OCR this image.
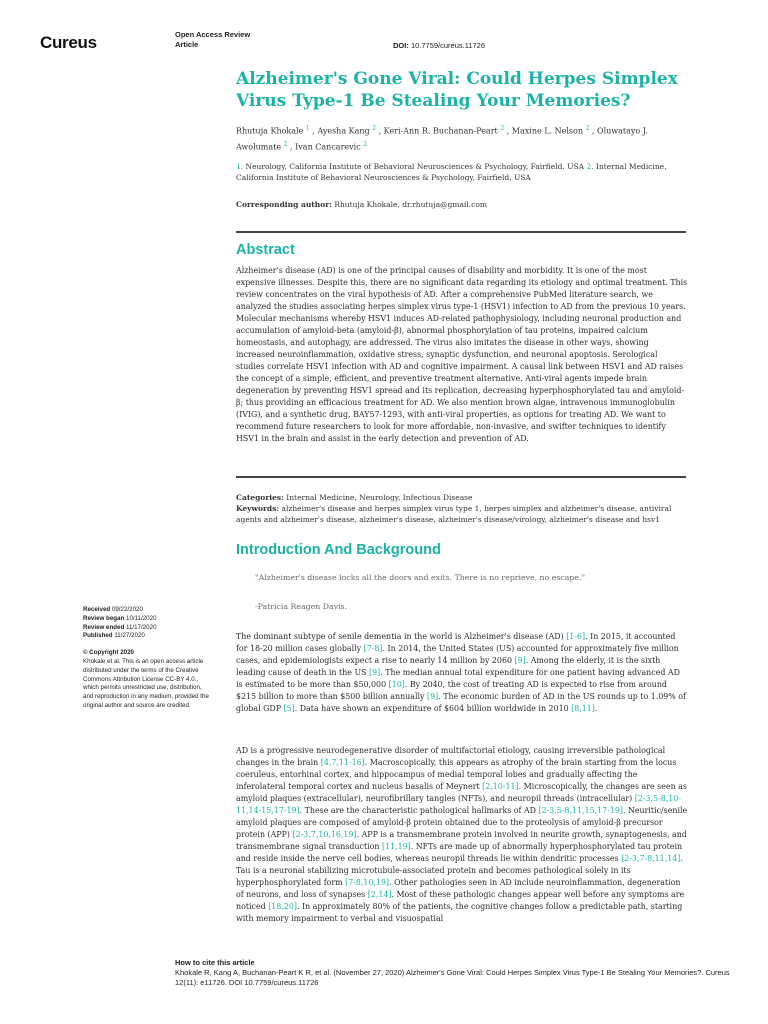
Cureus	Open Access Review
Article	DOI: 10.7759/cureus.11726
Alzheimer's Gone Viral: Could Herpes Simplex Virus Type-1 Be Stealing Your Memories?
Rhutuja Khokale $^1$ , Ayesha Kang $^2$ , Keri-Ann R. Buchanan-Peart $^2$ , Maxine L. Nelson $^2$ , Oluwatayo J. Awolumate $^2$ , Ivan Cancarevic $^2$
1. Neurology, California Institute of Behavioral Neurosciences & Psychology, Fairfield, USA 2. Internal Medicine, California Institute of Behavioral Neurosciences & Psychology, Fairfield, USA
Corresponding author: Rhutuja Khokale, dr.rhutuja@gmail.com
Abstract

Alzheimer's disease (AD) is one of the principal causes of disability and morbidity. It is one of the most expensive illnesses. Despite this, there are no significant data regarding its etiology and optimal treatment. This review concentrates on the viral hypothesis of AD. After a comprehensive PubMed literature search, we analyzed the studies associating herpes simplex virus type-1 (HSV1) infection to AD from the previous 10 years. Molecular mechanisms whereby HSV1 induces AD-related pathophysiology, including neuronal production and accumulation of amyloid-beta (amyloid-β), abnormal phosphorylation of tau proteins, impaired calcium homeostasis, and autophagy, are addressed. The virus also imitates the disease in other ways, showing increased neuroinflammation, oxidative stress, synaptic dysfunction, and neuronal apoptosis. Serological studies correlate HSV1 infection with AD and cognitive impairment. A causal link between HSV1 and AD raises the concept of a simple, efficient, and preventive treatment alternative. Anti-viral agents impede brain degeneration by preventing HSV1 spread and its replication, decreasing hyperphosphorylated tau and amyloid-β; thus providing an efficacious treatment for AD. We also mention brown algae, intravenous immunoglobulin (IVIG), and a synthetic drug, BAY57-1293, with anti-viral properties, as options for treating AD. We want to recommend future researchers to look for more affordable, non-invasive, and swifter techniques to identify HSV1 in the brain and assist in the early detection and prevention of AD.

Categories: Internal Medicine, Neurology, Infectious Disease
Keywords: alzheimer's disease and herpes simplex virus type 1, herpes simplex and alzheimer's disease, antiviral agents and alzheimer's disease, alzheimer's disease, alzheimer's disease/virology, alzheimer's disease and hsv1
Introduction And Background
"Alzheimer's disease locks all the doors and exits. There is no reprieve, no escape."
-Patricia Reagen Davis.

The dominant subtype of senile dementia in the world is Alzheimer's disease (AD) [1-6]. In 2015, it accounted for 18-20 million cases globally [7-8]. In 2014, the United States (US) accounted for approximately five million cases, and epidemiologists expect a rise to nearly 14 million by 2060 [9]. Among the elderly, it is the sixth leading cause of death in the US [9]. The median annual total expenditure for one patient having advanced AD is estimated to be more than $50,000 [10]. By 2040, the cost of treating AD is expected to rise from around $215 billion to more than $500 billion annually [9]. The economic burden of AD in the US rounds up to 1.09% of global GDP [5]. Data have shown an expenditure of $604 billion worldwide in 2010 [8,11].

AD is a progressive neurodegenerative disorder of multifactorial etiology, causing irreversible pathological changes in the brain [4,7,11-16]. Macroscopically, this appears as atrophy of the brain starting from the locus coeruleus, entorhinal cortex, and hippocampus of medial temporal lobes and gradually affecting the inferolateral temporal cortex and nucleus basalis of Meynert [2,10-11]. Microscopically, the changes are seen as amyloid plaques (extracellular), neurofibrillary tangles (NFTs), and neuropil threads (intracellular) [2-3,5-8,10-11,14-15,17-19]. These are the characteristic pathological hallmarks of AD [2-3,5-8,11,15,17-19]. Neuritic/senile amyloid plaques are composed of amyloid-β protein obtained due to the proteolysis of amyloid-β precursor protein (APP) [2-3,7,10,16,19]. APP is a transmembrane protein involved in neurite growth, synaptogenesis, and transmembrane signal transduction [11,19]. NFTs are made up of abnormally hyperphosphorylated tau protein and reside inside the nerve cell bodies, whereas neuropil threads lie within dendritic processes [2-3,7-8,11,14]. Tau is a neuronal stabilizing microtubule-associated protein and becomes pathological solely in its hyperphosphorylated form [7-8,10,19]. Other pathologies seen in AD include neuroinflammation, degeneration of neurons, and loss of synapses [2,14]. Most of these pathologic changes appear well before any symptoms are noticed [18,20]. In approximately 80% of the patients, the cognitive changes follow a predictable path, starting with memory impairment to verbal and visuospatial

Received 09/22/2020
Review began 10/11/2020
Review ended 11/17/2020
Published 11/27/2020
© Copyright 2020
Khokale et al. This is an open access article distributed under the terms of the Creative Commons Attribution License CC-BY 4.0., which permits unrestricted use, distribution, and reproduction in any medium, provided the original author and source are credited.
How to cite this article
Khokale R, Kang A, Buchanan-Peart K R, et al. (November 27, 2020) Alzheimer's Gone Viral: Could Herpes Simplex Virus Type-1 Be Stealing Your Memories?. Cureus 12(11): e11726. DOI 10.7759/cureus.11726
